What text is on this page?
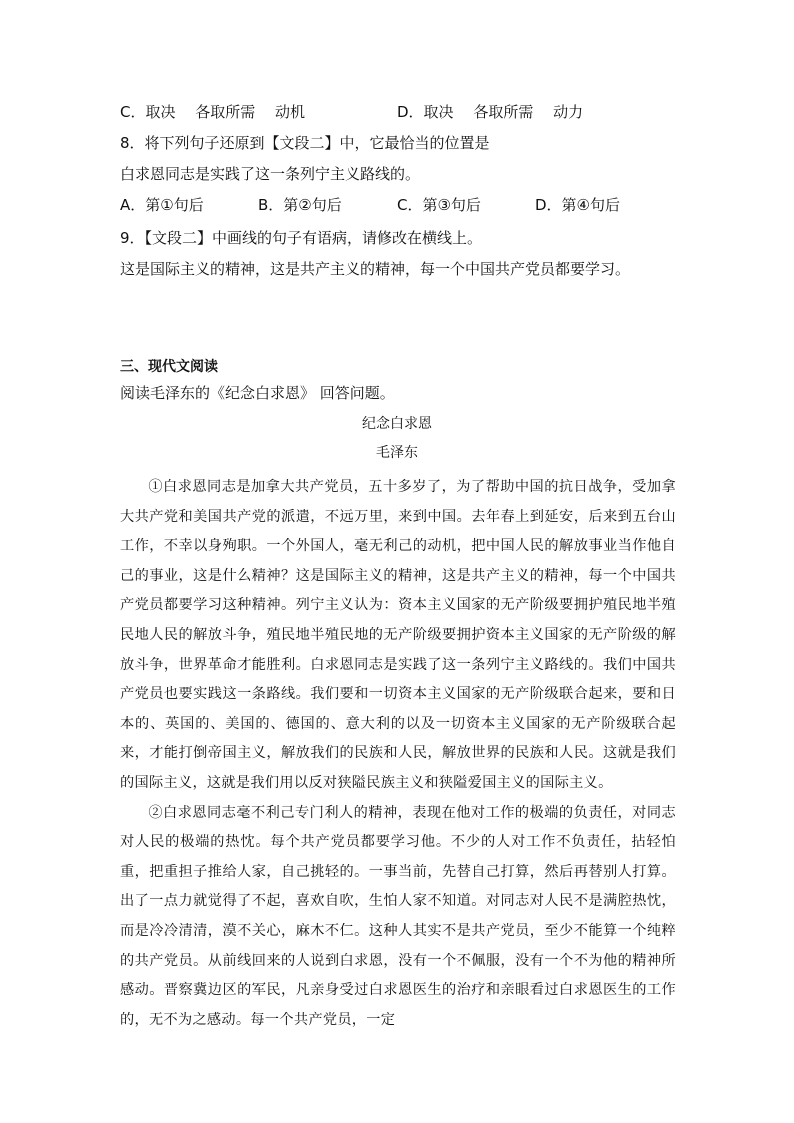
C．取决　 各取所需　 动机	D．取决　 各取所需　 动力
8．将下列句子还原到【文段二】中，它最恰当的位置是
白求恩同志是实践了这一条列宁主义路线的。
A．第①句后	B．第②句后	C．第③句后	D．第④句后
9．【文段二】中画线的句子有语病，请修改在横线上。
这是国际主义的精神，这是共产主义的精神，每一个中国共产党员都要学习。
三、现代文阅读
阅读毛泽东的《纪念白求恩》 回答问题。
纪念白求恩
毛泽东

①白求恩同志是加拿大共产党员，五十多岁了，为了帮助中国的抗日战争，受加拿大共产党和美国共产党的派遣，不远万里，来到中国。去年春上到延安，后来到五台山工作，不幸以身殉职。一个外国人，毫无利己的动机，把中国人民的解放事业当作他自己的事业，这是什么精神？这是国际主义的精神，这是共产主义的精神，每一个中国共产党员都要学习这种精神。列宁主义认为：资本主义国家的无产阶级要拥护殖民地半殖民地人民的解放斗争，殖民地半殖民地的无产阶级要拥护资本主义国家的无产阶级的解放斗争，世界革命才能胜利。白求恩同志是实践了这一条列宁主义路线的。我们中国共产党员也要实践这一条路线。我们要和一切资本主义国家的无产阶级联合起来，要和日本的、英国的、美国的、德国的、意大利的以及一切资本主义国家的无产阶级联合起来，才能打倒帝国主义，解放我们的民族和人民，解放世界的民族和人民。这就是我们的国际主义，这就是我们用以反对狭隘民族主义和狭隘爱国主义的国际主义。

②白求恩同志毫不利己专门利人的精神，表现在他对工作的极端的负责任，对同志对人民的极端的热忱。每个共产党员都要学习他。不少的人对工作不负责任，拈轻怕重，把重担子推给人家，自己挑轻的。一事当前，先替自己打算，然后再替别人打算。出了一点力就觉得了不起，喜欢自吹，生怕人家不知道。对同志对人民不是满腔热忱，而是冷冷清清，漠不关心，麻木不仁。这种人其实不是共产党员，至少不能算一个纯粹的共产党员。从前线回来的人说到白求恩，没有一个不佩服，没有一个不为他的精神所感动。晋察冀边区的军民，凡亲身受过白求恩医生的治疗和亲眼看过白求恩医生的工作的，无不为之感动。每一个共产党员，一定
